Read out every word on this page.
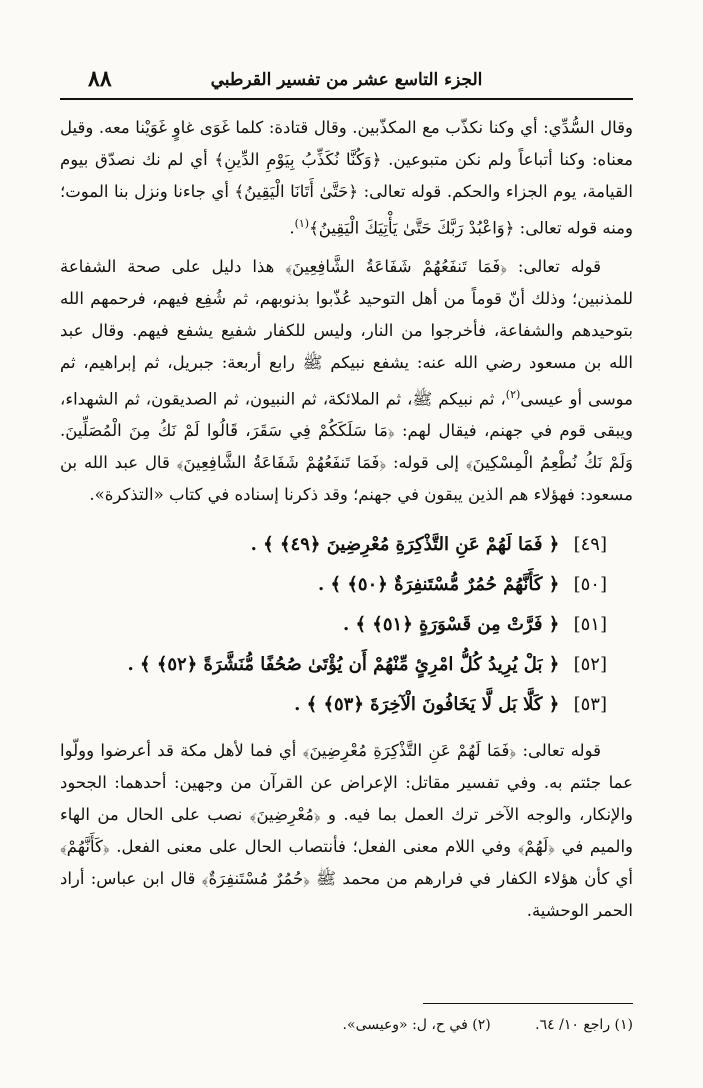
٨٨	الجزء التاسع عشر من تفسير القرطبي

وقال السُّدِّي: أي وكنا نكذّب مع المكذّبين. وقال قتادة: كلما غَوَى غاوٍ غَوَيْنا معه. وقيل معناه: وكنا أتباعاً ولم نكن متبوعين. ﴿وَكُنَّا نُكَذِّبُ بِيَوْمِ الدِّينِ﴾ أي لم نك نصدّق بيوم القيامة، يوم الجزاء والحكم. قوله تعالى: ﴿حَتَّىٰ أَتَانَا الْيَقِينُ﴾ أي جاءنا ونزل بنا الموت؛ ومنه قوله تعالى: ﴿وَاعْبُدْ رَبَّكَ حَتَّىٰ يَأْتِيَكَ الْيَقِينُ﴾$^{(١)}$.

قوله تعالى: ﴿فَمَا تَنفَعُهُمْ شَفَاعَةُ الشَّافِعِينَ﴾ هذا دليل على صحة الشفاعة للمذنبين؛ وذلك أنّ قوماً من أهل التوحيد عُذّبوا بذنوبهم، ثم شُفِع فيهم، فرحمهم الله بتوحيدهم والشفاعة، فأخرجوا من النار، وليس للكفار شفيع يشفع فيهم. وقال عبد الله بن مسعود رضي الله عنه: يشفع نبيكم ﷺ رابع أربعة: جبريل، ثم إبراهيم، ثم موسى أو عيسى$^{(٢)}$، ثم نبيكم ﷺ، ثم الملائكة، ثم النبيون، ثم الصديقون، ثم الشهداء، ويبقى قوم في جهنم، فيقال لهم: ﴿مَا سَلَكَكُمْ فِي سَقَرَ، قَالُوا لَمْ نَكُ مِنَ الْمُصَلِّينَ. وَلَمْ نَكُ نُطْعِمُ الْمِسْكِينَ﴾ إلى قوله: ﴿فَمَا تَنفَعُهُمْ شَفَاعَةُ الشَّافِعِينَ﴾ قال عبد الله بن مسعود: فهؤلاء هم الذين يبقون في جهنم؛ وقد ذكرنا إسناده في كتاب «التذكرة».

[٤٩] ﴿ فَمَا لَهُمْ عَنِ التَّذْكِرَةِ مُعْرِضِينَ ﴿٤٩﴾ ﴾ .
[٥٠] ﴿ كَأَنَّهُمْ حُمُرٌ مُّسْتَنفِرَةٌ ﴿٥٠﴾ ﴾ .
[٥١] ﴿ فَرَّتْ مِن قَسْوَرَةٍ ﴿٥١﴾ ﴾ .
[٥٢] ﴿ بَلْ يُرِيدُ كُلُّ امْرِئٍ مِّنْهُمْ أَن يُؤْتَىٰ صُحُفًا مُّنَشَّرَةً ﴿٥٢﴾ ﴾ .
[٥٣] ﴿ كَلَّا بَل لَّا يَخَافُونَ الْآخِرَةَ ﴿٥٣﴾ ﴾ .

قوله تعالى: ﴿فَمَا لَهُمْ عَنِ التَّذْكِرَةِ مُعْرِضِينَ﴾ أي فما لأهل مكة قد أعرضوا وولّوا عما جئتم به. وفي تفسير مقاتل: الإعراض عن القرآن من وجهين: أحدهما: الجحود والإنكار، والوجه الآخر ترك العمل بما فيه. و ﴿مُعْرِضِينَ﴾ نصب على الحال من الهاء والميم في ﴿لَهُمْ﴾ وفي اللام معنى الفعل؛ فأنتصاب الحال على معنى الفعل. ﴿كَأَنَّهُمْ﴾ أي كأن هؤلاء الكفار في فرارهم من محمد ﷺ ﴿حُمُرٌ مُسْتَنفِرَةٌ﴾ قال ابن عباس: أراد الحمر الوحشية.

(١) راجع ١٠/ ٦٤. (٢) في ح، ل: «وعيسى».
